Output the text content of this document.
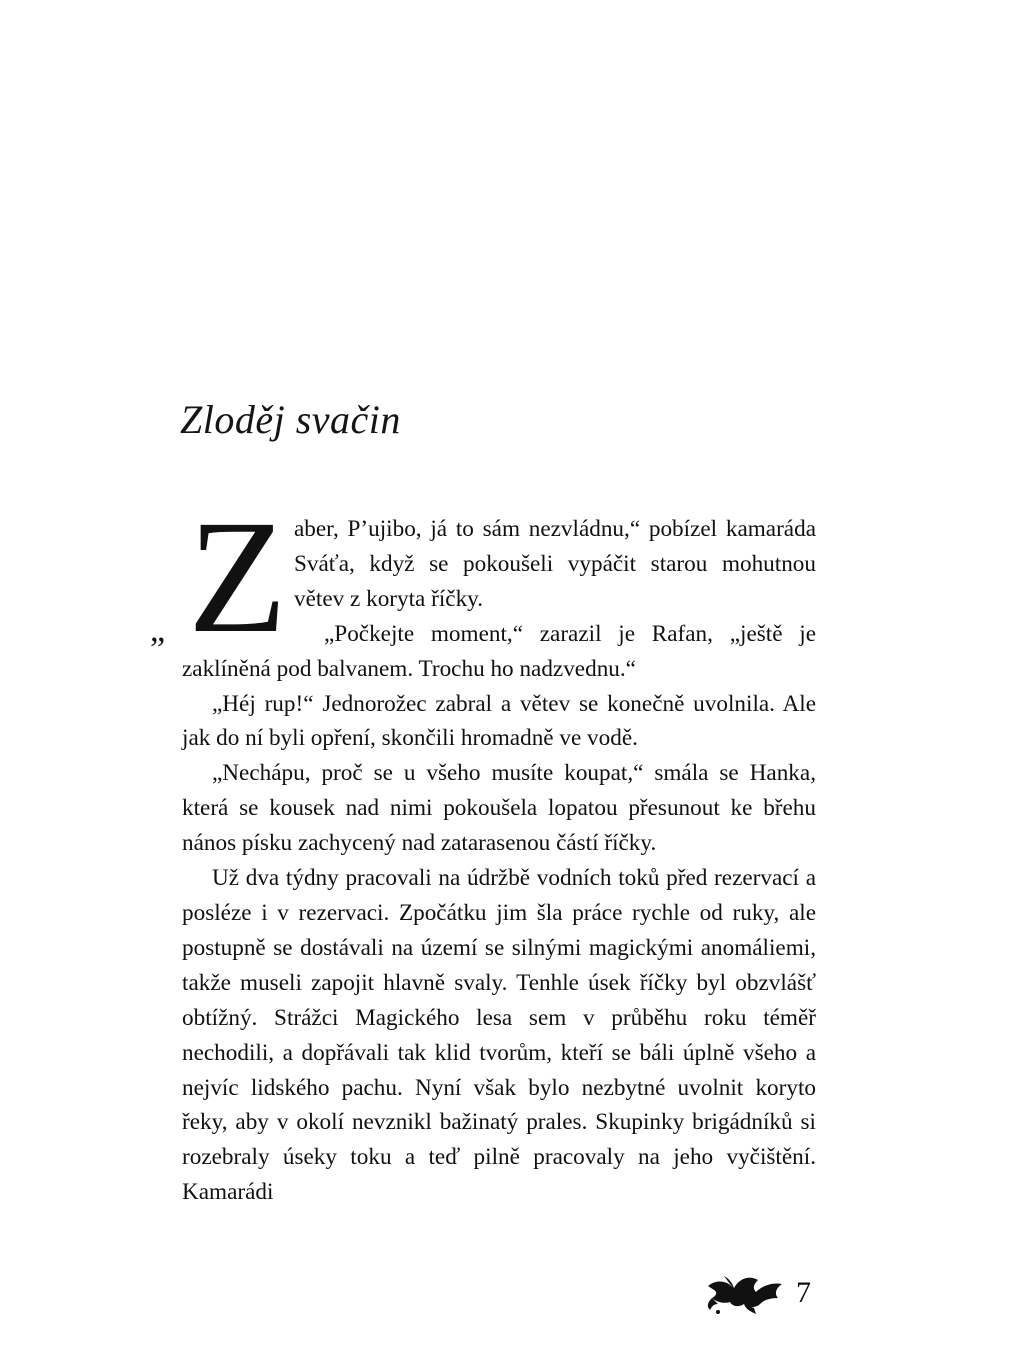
Zloděj svačin

„ Z aber, P’ujibo, já to sám nezvládnu,“ pobízel kamaráda Sváťa, když se pokoušeli vypáčit starou mohutnou větev z koryta říčky.

„Počkejte moment,“ zarazil je Rafan, „ještě je zaklíněná pod balvanem. Trochu ho nadzvednu.“

„Héj rup!“ Jednorožec zabral a větev se konečně uvolnila. Ale jak do ní byli opření, skončili hromadně ve vodě.

„Nechápu, proč se u všeho musíte koupat,“ smála se Hanka, která se kousek nad nimi pokoušela lopatou přesunout ke břehu nános písku zachycený nad zatarasenou částí říčky.

Už dva týdny pracovali na údržbě vodních toků před rezervací a posléze i v rezervaci. Zpočátku jim šla práce rychle od ruky, ale postupně se dostávali na území se silnými magickými anomáliemi, takže museli zapojit hlavně svaly. Tenhle úsek říčky byl obzvlášť obtížný. Strážci Magického lesa sem v průběhu roku téměř nechodili, a dopřávali tak klid tvorům, kteří se báli úplně všeho a nejvíc lidského pachu. Nyní však bylo nezbytné uvolnit koryto řeky, aby v okolí nevznikl bažinatý prales. Skupinky brigádníků si rozebraly úseky toku a teď pilně pracovaly na jeho vyčištění. Kamarádi

7
